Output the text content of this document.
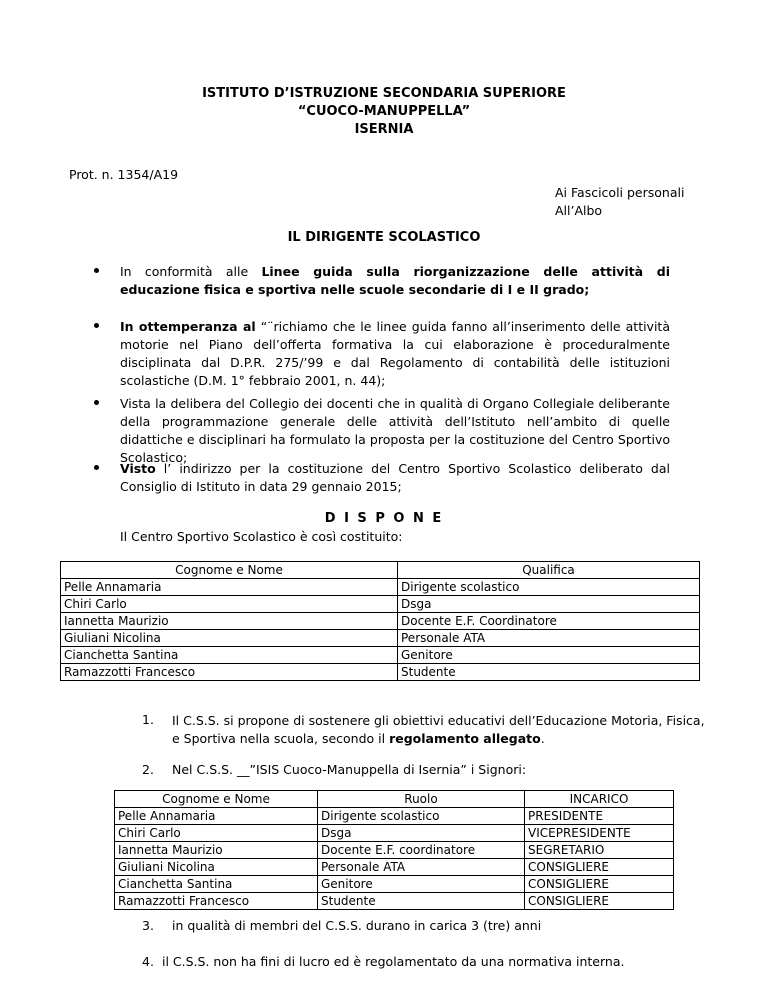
ISTITUTO D’ISTRUZIONE SECONDARIA SUPERIORE
“CUOCO-MANUPPELLA”
ISERNIA
Prot. n. 1354/A19
Ai Fascicoli personali
All’Albo
IL DIRIGENTE SCOLASTICO
In conformità alle Linee guida sulla riorganizzazione delle attività di educazione fisica e sportiva nelle scuole secondarie di I e II grado;
In ottemperanza al “¨richiamo che le linee guida fanno all’inserimento delle attività motorie nel Piano dell’offerta formativa la cui elaborazione è proceduralmente disciplinata dal D.P.R. 275/’99 e dal Regolamento di contabilità delle istituzioni scolastiche (D.M. 1° febbraio 2001, n. 44);
Vista la delibera del Collegio dei docenti che in qualità di Organo Collegiale deliberante della programmazione generale delle attività dell’Istituto nell’ambito di quelle didattiche e disciplinari ha formulato la proposta per la costituzione del Centro Sportivo Scolastico;
Visto l’ indirizzo per la costituzione del Centro Sportivo Scolastico deliberato dal Consiglio di Istituto in data 29 gennaio 2015;
D I S P O N E
Il Centro Sportivo Scolastico è così costituito:
Cognome e Nome	Qualifica
Pelle Annamaria	Dirigente scolastico
Chiri Carlo	Dsga
Iannetta Maurizio	Docente E.F. Coordinatore
Giuliani Nicolina	Personale ATA
Cianchetta Santina	Genitore
Ramazzotti Francesco	Studente
1. Il C.S.S. si propone di sostenere gli obiettivi educativi dell’Educazione Motoria, Fisica, e Sportiva nella scuola, secondo il regolamento allegato.
2. Nel C.S.S. __”ISIS Cuoco-Manuppella di Isernia” i Signori:
Cognome e Nome	Ruolo	INCARICO
Pelle Annamaria	Dirigente scolastico	PRESIDENTE
Chiri Carlo	Dsga	VICEPRESIDENTE
Iannetta Maurizio	Docente E.F. coordinatore	SEGRETARIO
Giuliani Nicolina	Personale ATA	CONSIGLIERE
Cianchetta Santina	Genitore	CONSIGLIERE
Ramazzotti Francesco	Studente	CONSIGLIERE
3. in qualità di membri del C.S.S. durano in carica 3 (tre) anni
4. il C.S.S. non ha fini di lucro ed è regolamentato da una normativa interna.
